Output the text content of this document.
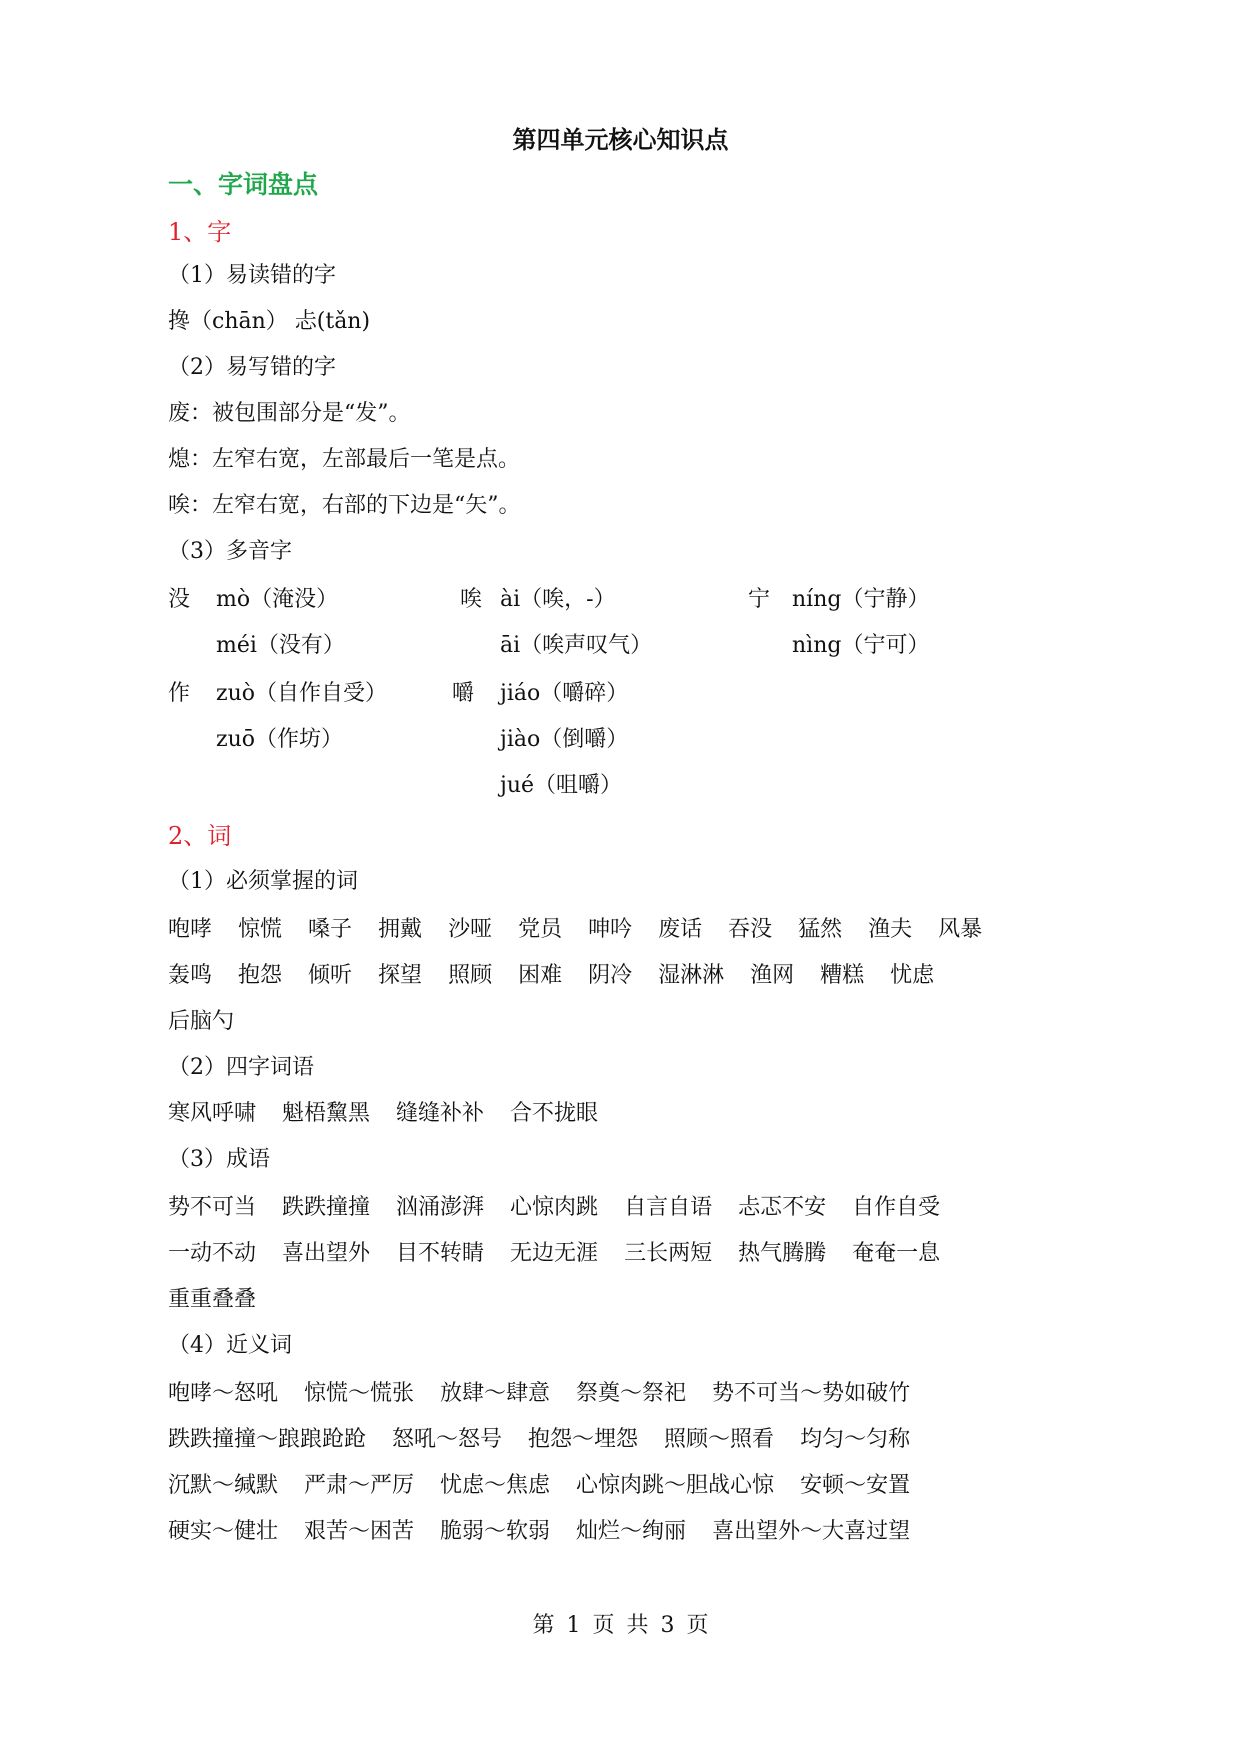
第四单元核心知识点
一、字词盘点
1、字
（1）易读错的字
搀（chān） 忐(tǎn)
（2）易写错的字
废：被包围部分是“发”。
熄：左窄右宽，左部最后一笔是点。
唉：左窄右宽，右部的下边是“矢”。
（3）多音字
没 mò（淹没）
méi（没有）
唉 ài（唉，-）
āi（唉声叹气）
宁 níng（宁静）
nìng（宁可）
作 zuò（自作自受）
zuō（作坊）
嚼 jiáo（嚼碎）
jiào（倒嚼）
jué（咀嚼）
2、词
（1）必须掌握的词
咆哮 惊慌 嗓子 拥戴 沙哑 党员 呻吟 废话 吞没 猛然 渔夫 风暴
轰鸣 抱怨 倾听 探望 照顾 困难 阴冷 湿淋淋 渔网 糟糕 忧虑
后脑勺
（2）四字词语
寒风呼啸 魁梧黧黑 缝缝补补 合不拢眼
（3）成语
势不可当 跌跌撞撞 汹涌澎湃 心惊肉跳 自言自语 忐忑不安 自作自受
一动不动 喜出望外 目不转睛 无边无涯 三长两短 热气腾腾 奄奄一息
重重叠叠
（4）近义词
咆哮～怒吼 惊慌～慌张 放肆～肆意 祭奠～祭祀 势不可当～势如破竹
跌跌撞撞～踉踉跄跄 怒吼～怒号 抱怨～埋怨 照顾～照看 均匀～匀称
沉默～缄默 严肃～严厉 忧虑～焦虑 心惊肉跳～胆战心惊 安顿～安置
硬实～健壮 艰苦～困苦 脆弱～软弱 灿烂～绚丽 喜出望外～大喜过望
第 1 页 共 3 页
